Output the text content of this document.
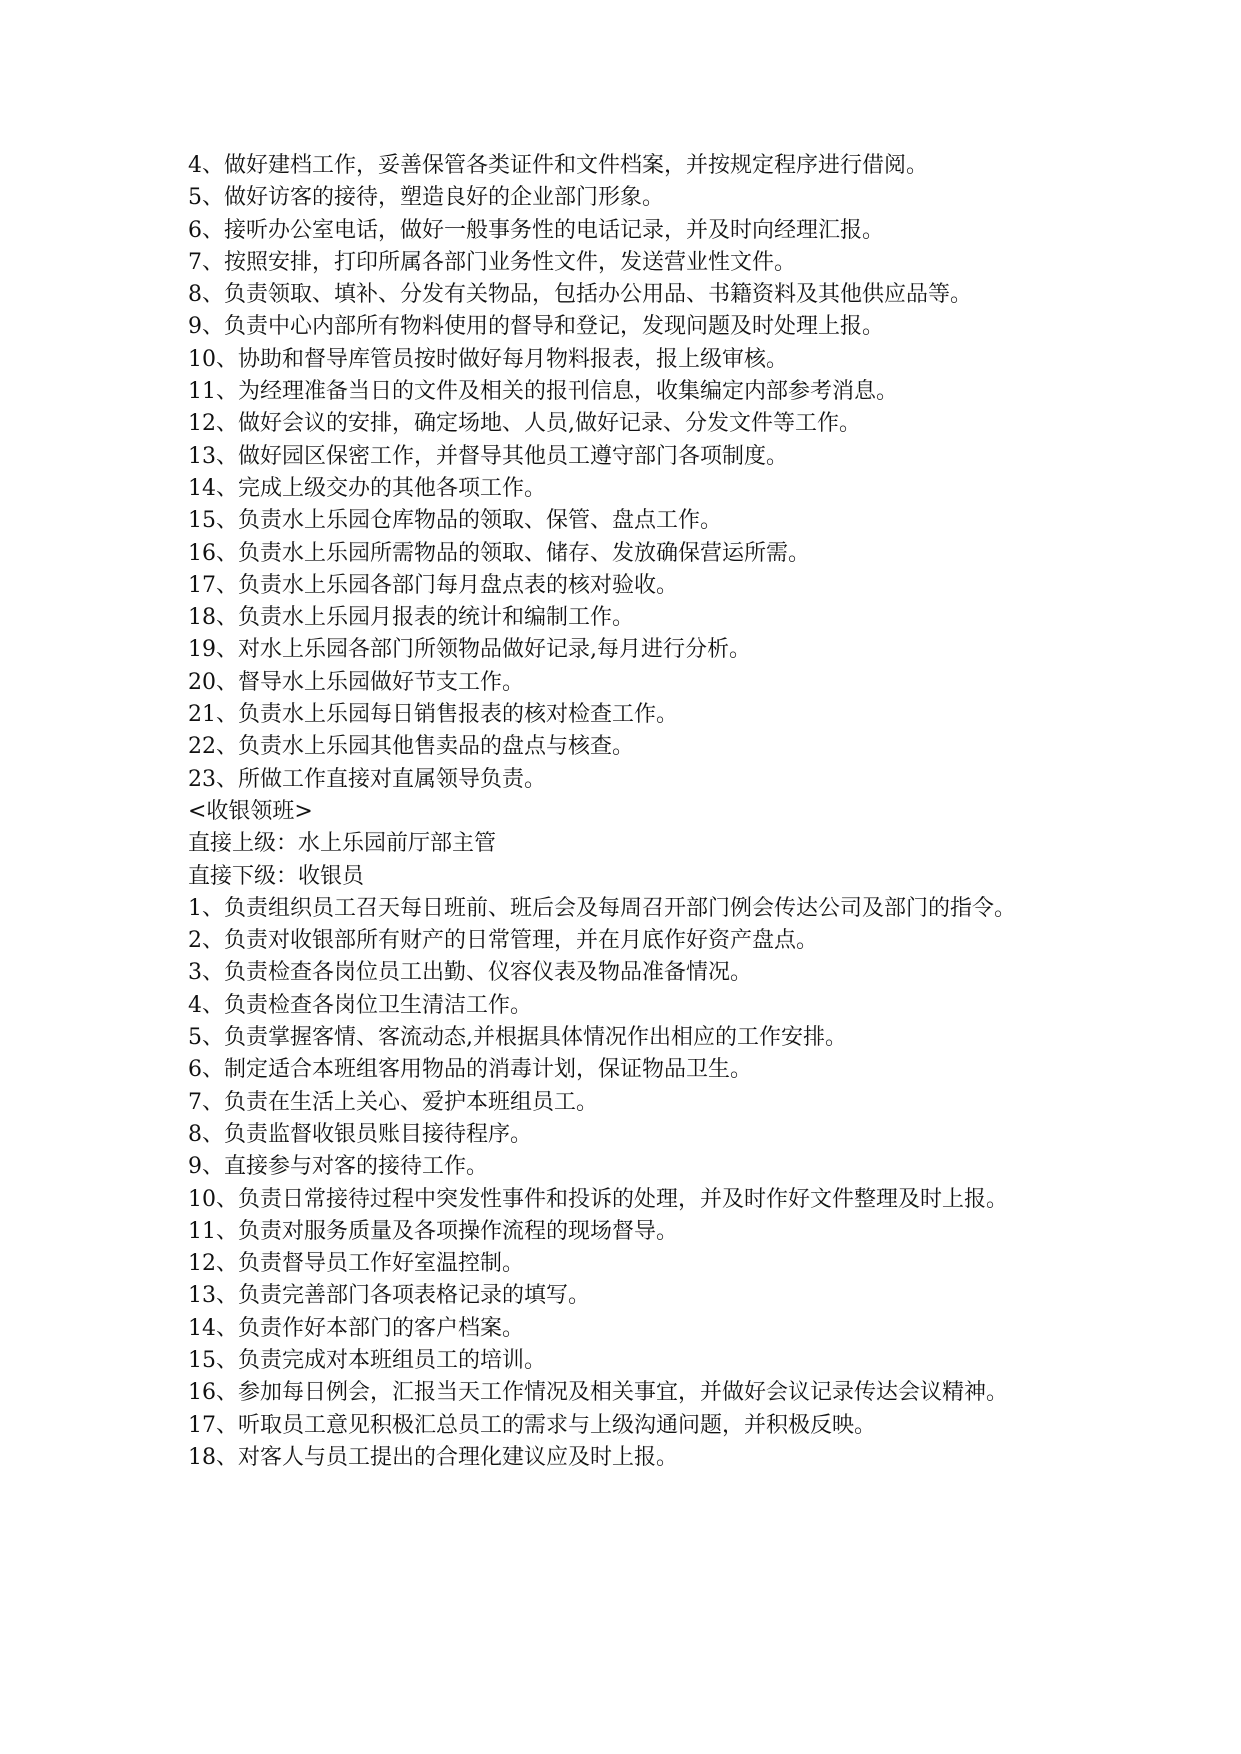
4、做好建档工作，妥善保管各类证件和文件档案，并按规定程序进行借阅。
5、做好访客的接待，塑造良好的企业部门形象。
6、接听办公室电话，做好一般事务性的电话记录，并及时向经理汇报。
7、按照安排，打印所属各部门业务性文件，发送营业性文件。
8、负责领取、填补、分发有关物品，包括办公用品、书籍资料及其他供应品等。
9、负责中心内部所有物料使用的督导和登记，发现问题及时处理上报。
10、协助和督导库管员按时做好每月物料报表，报上级审核。
11、为经理准备当日的文件及相关的报刊信息，收集编定内部参考消息。
12、做好会议的安排，确定场地、人员,做好记录、分发文件等工作。
13、做好园区保密工作，并督导其他员工遵守部门各项制度。
14、完成上级交办的其他各项工作。
15、负责水上乐园仓库物品的领取、保管、盘点工作。
16、负责水上乐园所需物品的领取、储存、发放确保营运所需。
17、负责水上乐园各部门每月盘点表的核对验收。
18、负责水上乐园月报表的统计和编制工作。
19、对水上乐园各部门所领物品做好记录,每月进行分析。
20、督导水上乐园做好节支工作。
21、负责水上乐园每日销售报表的核对检查工作。
22、负责水上乐园其他售卖品的盘点与核查。
23、所做工作直接对直属领导负责。
<收银领班>
直接上级：水上乐园前厅部主管
直接下级：收银员
1、负责组织员工召天每日班前、班后会及每周召开部门例会传达公司及部门的指令。
2、负责对收银部所有财产的日常管理，并在月底作好资产盘点。
3、负责检查各岗位员工出勤、仪容仪表及物品准备情况。
4、负责检查各岗位卫生清洁工作。
5、负责掌握客情、客流动态,并根据具体情况作出相应的工作安排。
6、制定适合本班组客用物品的消毒计划，保证物品卫生。
7、负责在生活上关心、爱护本班组员工。
8、负责监督收银员账目接待程序。
9、直接参与对客的接待工作。
10、负责日常接待过程中突发性事件和投诉的处理，并及时作好文件整理及时上报。
11、负责对服务质量及各项操作流程的现场督导。
12、负责督导员工作好室温控制。
13、负责完善部门各项表格记录的填写。
14、负责作好本部门的客户档案。
15、负责完成对本班组员工的培训。
16、参加每日例会，汇报当天工作情况及相关事宜，并做好会议记录传达会议精神。
17、听取员工意见积极汇总员工的需求与上级沟通问题，并积极反映。
18、对客人与员工提出的合理化建议应及时上报。
